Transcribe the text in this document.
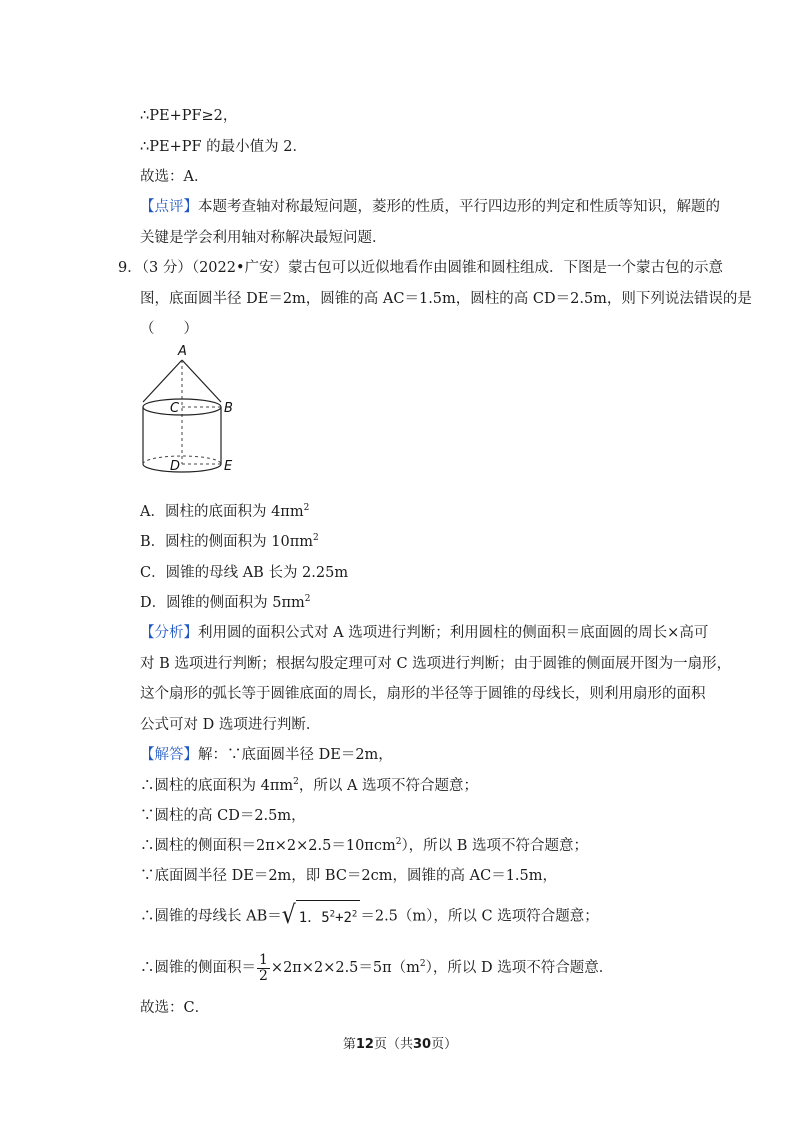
∴PE+PF≥2，
∴PE+PF 的最小值为 2．
故选：A．
【点评】本题考查轴对称最短问题，菱形的性质，平行四边形的判定和性质等知识，解题的
关键是学会利用轴对称解决最短问题．
9．（3 分）（2022•广安）蒙古包可以近似地看作由圆锥和圆柱组成．下图是一个蒙古包的示意
图，底面圆半径 DE＝2m，圆锥的高 AC＝1.5m，圆柱的高 CD＝2.5m，则下列说法错误的是
（　　）
A
C	B
D	E
A．圆柱的底面积为 $4\pi m^2$
B．圆柱的侧面积为 $10\pi m^2$
C．圆锥的母线 AB 长为 2.25m
D．圆锥的侧面积为 $5\pi m^2$
【分析】利用圆的面积公式对 A 选项进行判断；利用圆柱的侧面积＝底面圆的周长×高可
对 B 选项进行判断；根据勾股定理可对 C 选项进行判断；由于圆锥的侧面展开图为一扇形，
这个扇形的弧长等于圆锥底面的周长，扇形的半径等于圆锥的母线长，则利用扇形的面积
公式可对 D 选项进行判断．
【解答】解：∵底面圆半径 DE＝2m，
∴圆柱的底面积为 $4\pi m^2$，所以 A 选项不符合题意；
∵圆柱的高 CD＝2.5m，
∴圆柱的侧面积＝2π×2×2.5＝10πcm$^2$），所以 B 选项不符合题意；
∵底面圆半径 DE＝2m，即 BC＝2cm，圆锥的高 AC＝1.5m，
∴圆锥的母线长 AB＝√ 1．$5^2+2^2 =2.5(m)$，所以 C 选项符合题意；
∴圆锥的侧面积＝ $\frac{1}{2} \times 2\pi\times 2\times 2.5=5\pi(m^2)$，所以 D 选项不符合题意．
故选：C．
第12页（共30页）
